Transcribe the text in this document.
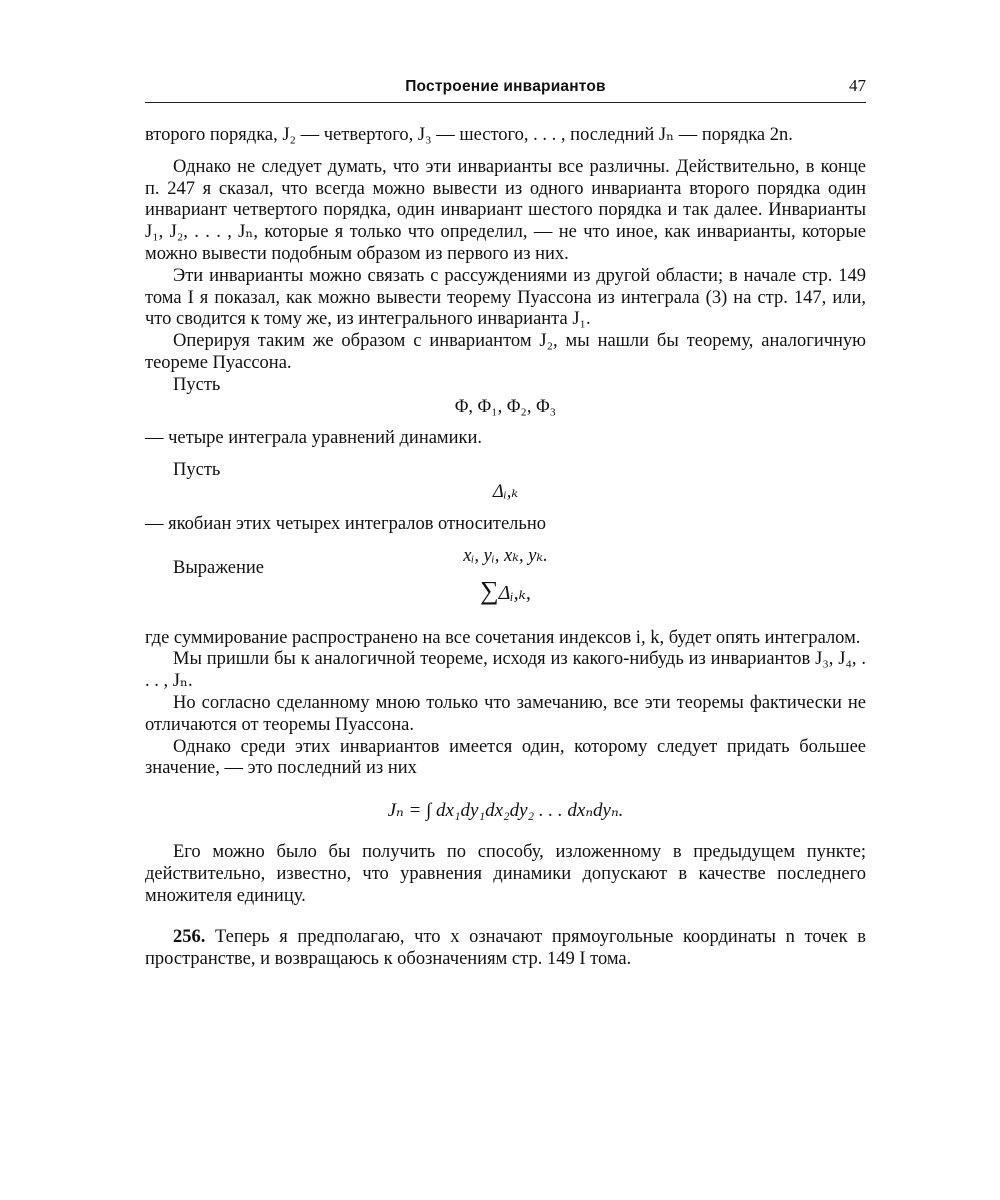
Построение инвариантов	47

второго порядка, J₂ — четвертого, J₃ — шестого, . . . , последний Jₙ — порядка 2n.

Однако не следует думать, что эти инварианты все различны. Действительно, в конце п. 247 я сказал, что всегда можно вывести из одного инварианта второго порядка один инвариант четвертого порядка, один инвариант шестого порядка и так далее. Инварианты J₁, J₂, . . . , Jₙ, которые я только что определил, — не что иное, как инварианты, которые можно вывести подобным образом из первого из них.

Эти инварианты можно связать с рассуждениями из другой области; в начале стр. 149 тома I я показал, как можно вывести теорему Пуассона из интеграла (3) на стр. 147, или, что сводится к тому же, из интегрального инварианта J₁.

Оперируя таким же образом с инвариантом J₂, мы нашли бы теорему, аналогичную теореме Пуассона.

Пусть

Φ, Φ₁, Φ₂, Φ₃

— четыре интеграла уравнений динамики.

Пусть

Δᵢ,ₖ

— якобиан этих четырех интегралов относительно

xᵢ, yᵢ, xₖ, yₖ.
Выражение
∑Δᵢ,ₖ,

где суммирование распространено на все сочетания индексов i, k, будет опять интегралом.

Мы пришли бы к аналогичной теореме, исходя из какого-нибудь из инвариантов J₃, J₄, . . . , Jₙ.

Но согласно сделанному мною только что замечанию, все эти теоремы фактически не отличаются от теоремы Пуассона.

Однако среди этих инвариантов имеется один, которому следует придать большее значение, — это последний из них

Jₙ = ∫ dx₁dy₁dx₂dy₂ . . . dxₙdyₙ.

Его можно было бы получить по способу, изложенному в предыдущем пункте; действительно, известно, что уравнения динамики допускают в качестве последнего множителя единицу.

256. Теперь я предполагаю, что x означают прямоугольные координаты n точек в пространстве, и возвращаюсь к обозначениям стр. 149 I тома.
